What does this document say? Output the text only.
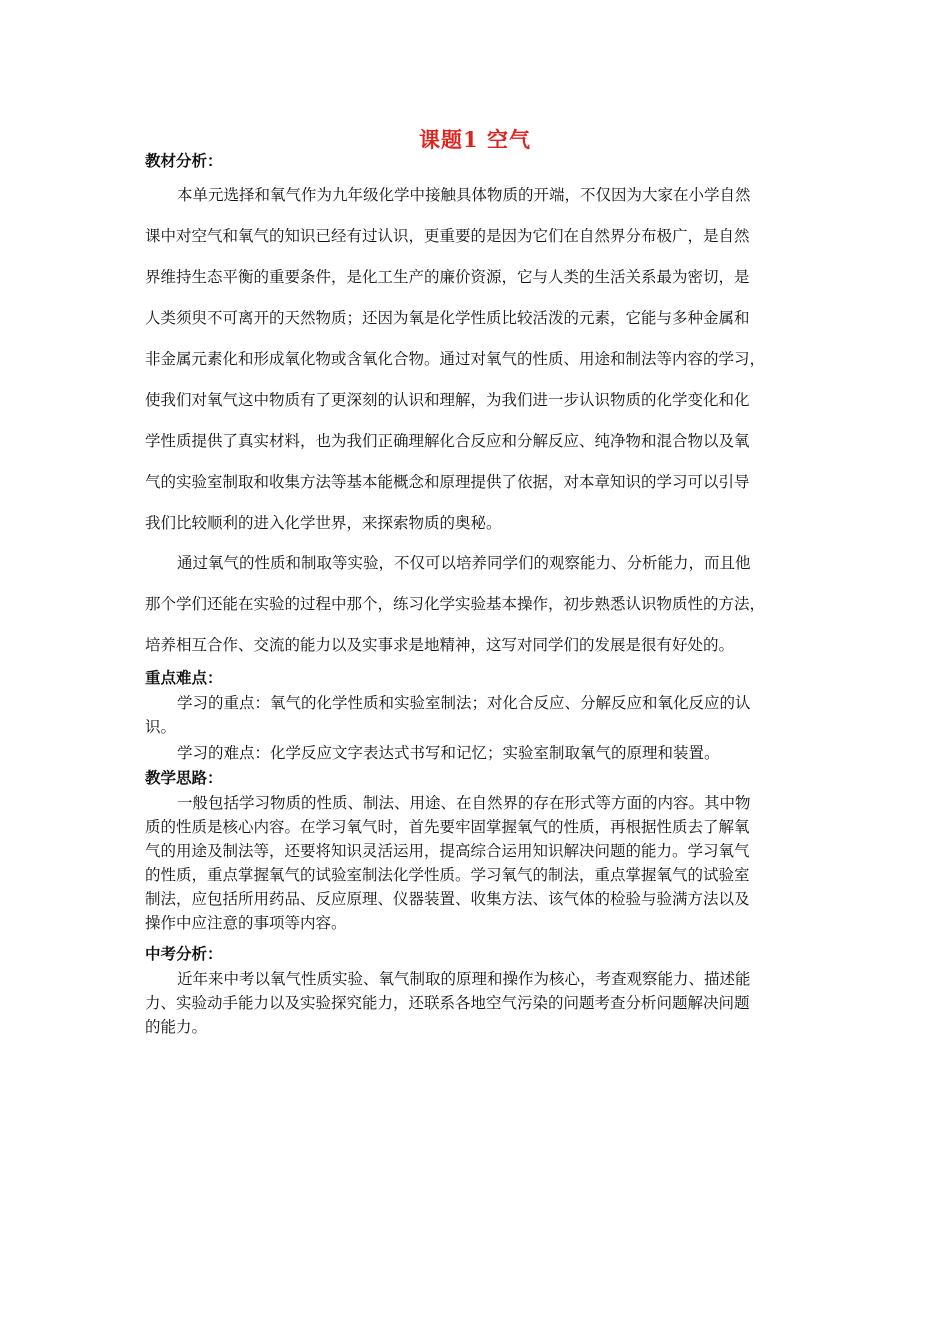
课题1 空气
教材分析：
本单元选择和氧气作为九年级化学中接触具体物质的开端，不仅因为大家在小学自然
课中对空气和氧气的知识已经有过认识，更重要的是因为它们在自然界分布极广，是自然
界维持生态平衡的重要条件，是化工生产的廉价资源，它与人类的生活关系最为密切，是
人类须臾不可离开的天然物质；还因为氧是化学性质比较活泼的元素，它能与多种金属和
非金属元素化和形成氧化物或含氧化合物。通过对氧气的性质、用途和制法等内容的学习，
使我们对氧气这中物质有了更深刻的认识和理解，为我们进一步认识物质的化学变化和化
学性质提供了真实材料，也为我们正确理解化合反应和分解反应、纯净物和混合物以及氧
气的实验室制取和收集方法等基本能概念和原理提供了依据，对本章知识的学习可以引导
我们比较顺利的进入化学世界，来探索物质的奥秘。
通过氧气的性质和制取等实验，不仅可以培养同学们的观察能力、分析能力，而且他
那个学们还能在实验的过程中那个，练习化学实验基本操作，初步熟悉认识物质性的方法，
培养相互合作、交流的能力以及实事求是地精神，这写对同学们的发展是很有好处的。
重点难点：
学习的重点：氧气的化学性质和实验室制法；对化合反应、分解反应和氧化反应的认
识。
学习的难点：化学反应文字表达式书写和记忆；实验室制取氧气的原理和装置。
教学思路：
一般包括学习物质的性质、制法、用途、在自然界的存在形式等方面的内容。其中物
质的性质是核心内容。在学习氧气时，首先要牢固掌握氧气的性质，再根据性质去了解氧
气的用途及制法等，还要将知识灵活运用，提高综合运用知识解决问题的能力。学习氧气
的性质，重点掌握氧气的试验室制法化学性质。学习氧气的制法，重点掌握氧气的试验室
制法，应包括所用药品、反应原理、仪器装置、收集方法、该气体的检验与验满方法以及
操作中应注意的事项等内容。
中考分析：
近年来中考以氧气性质实验、氧气制取的原理和操作为核心，考查观察能力、描述能
力、实验动手能力以及实验探究能力，还联系各地空气污染的问题考查分析问题解决问题
的能力。
